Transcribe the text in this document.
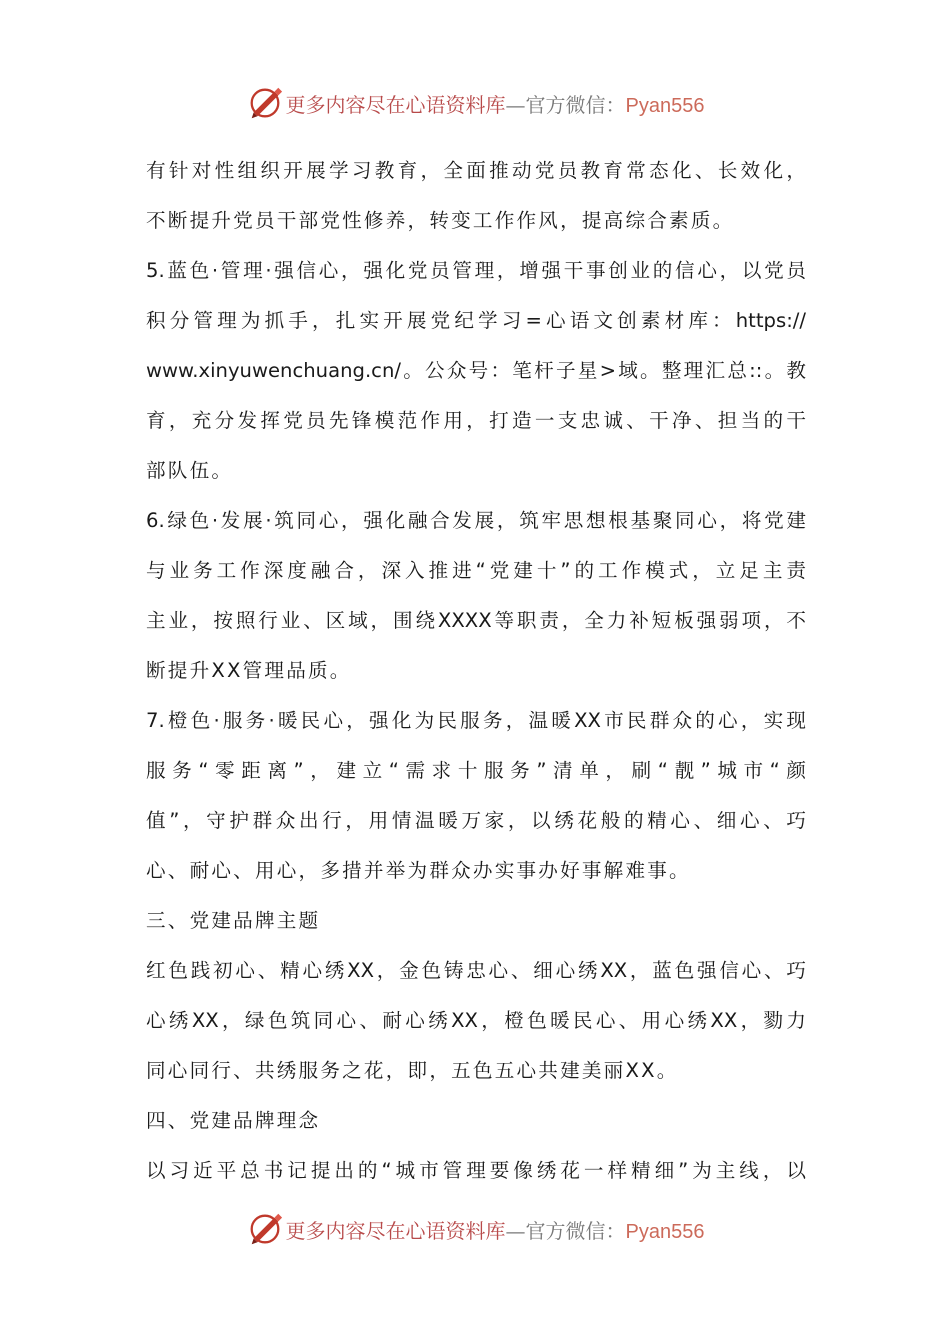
更多内容尽在心语资料库—官方微信：Pyan556
有针对性组织开展学习教育，全面推动党员教育常态化、长效化，
不断提升党员干部党性修养，转变工作作风，提高综合素质。
5.蓝色·管理·强信心，强化党员管理，增强干事创业的信心，以党员
积分管理为抓手，扎实开展党纪学习=心语文创素材库：https://
www.xinyuwenchuang.cn/。公众号：笔杆子星>域。整理汇总::。教
育，充分发挥党员先锋模范作用，打造一支忠诚、干净、担当的干
部队伍。
6.绿色·发展·筑同心，强化融合发展，筑牢思想根基聚同心，将党建
与业务工作深度融合，深入推进“党建十”的工作模式，立足主责
主业，按照行业、区域，围绕XXXX等职责，全力补短板强弱项，不
断提升XX管理品质。
7.橙色·服务·暖民心，强化为民服务，温暖XX市民群众的心，实现
服务“零距离”，建立“需求十服务”清单，刷“靓”城市“颜
值”，守护群众出行，用情温暖万家，以绣花般的精心、细心、巧
心、耐心、用心，多措并举为群众办实事办好事解难事。
三、党建品牌主题
红色践初心、精心绣XX，金色铸忠心、细心绣XX，蓝色强信心、巧
心绣XX，绿色筑同心、耐心绣XX，橙色暖民心、用心绣XX，勠力
同心同行、共绣服务之花，即，五色五心共建美丽XX。
四、党建品牌理念
以习近平总书记提出的“城市管理要像绣花一样精细”为主线，以
更多内容尽在心语资料库—官方微信：Pyan556
